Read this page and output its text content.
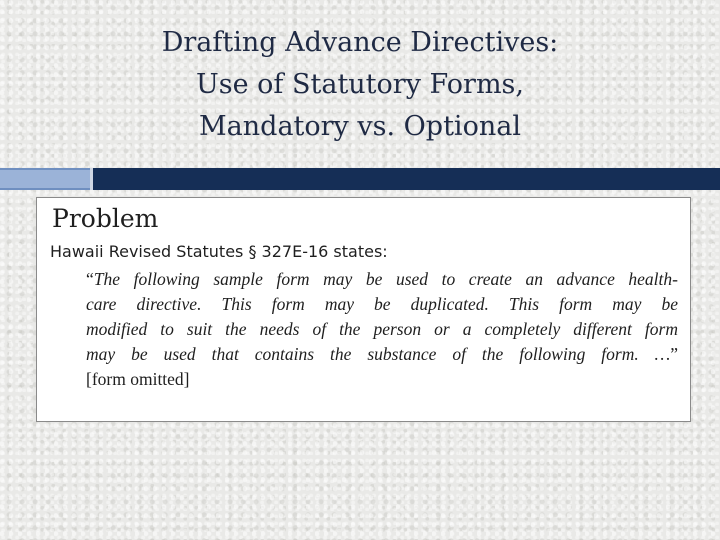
Drafting Advance Directives:
Use of Statutory Forms,
Mandatory vs. Optional
Problem
Hawaii Revised Statutes § 327E-16 states:
“The following sample form may be used to create an advance health-
care directive. This form may be duplicated. This form may be
modified to suit the needs of the person or a completely different form
may be used that contains the substance of the following form. …”
[form omitted]
